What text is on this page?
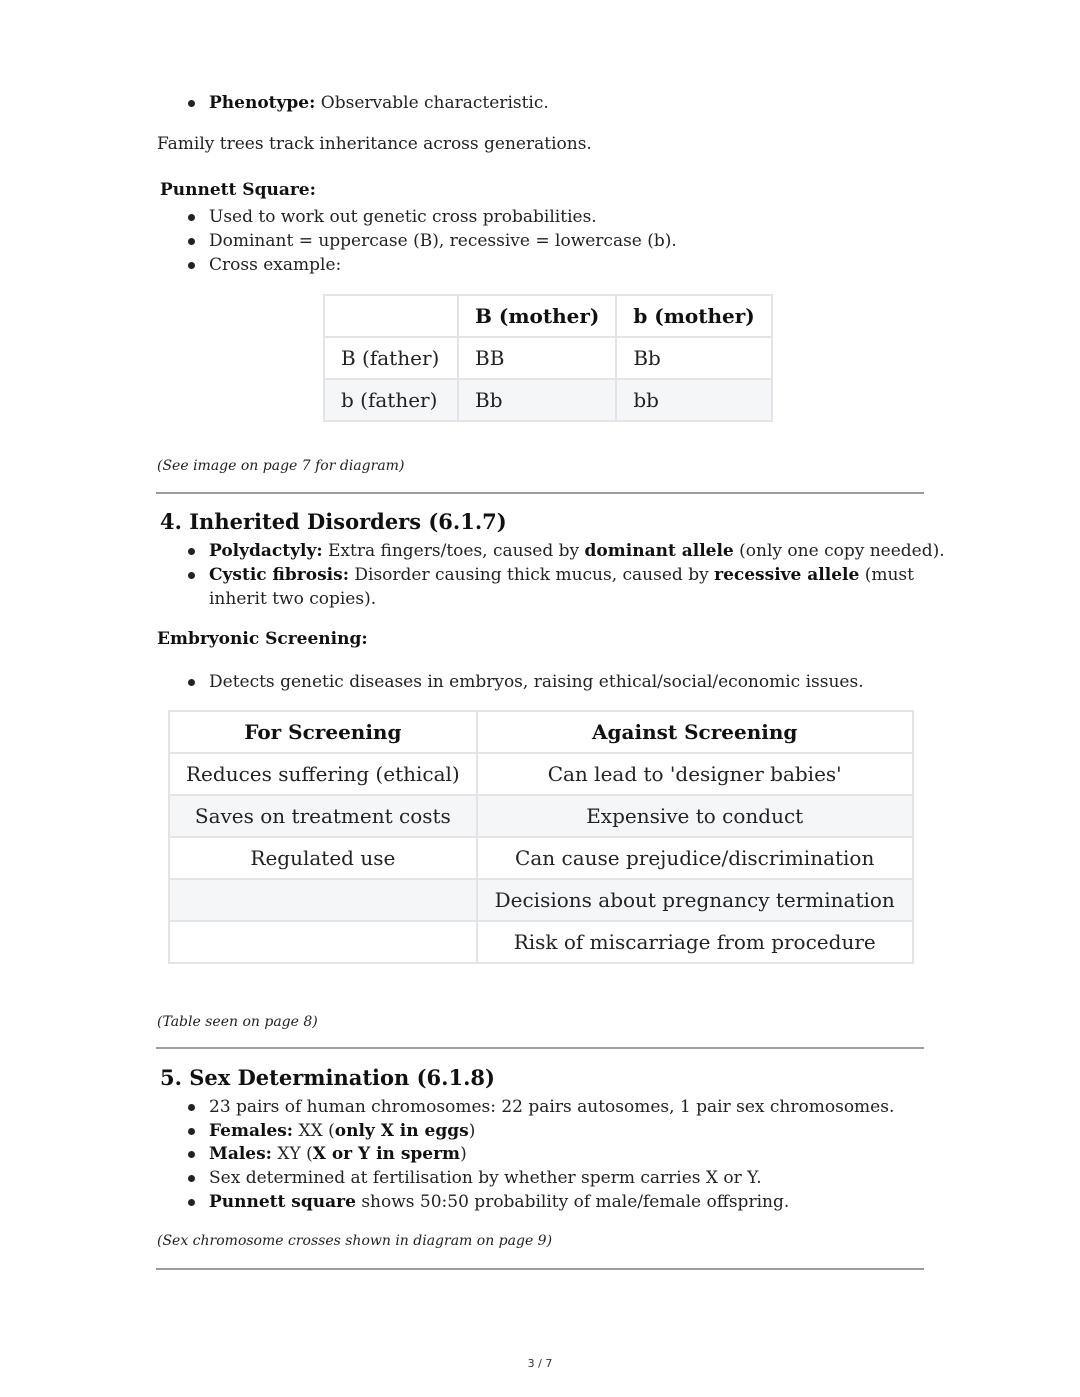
Phenotype: Observable characteristic.
Family trees track inheritance across generations.
Punnett Square:
Used to work out genetic cross probabilities.
Dominant = uppercase (B), recessive = lowercase (b).
Cross example:
	B (mother)	b (mother)
B (father)	BB	Bb
b (father)	Bb	bb
(See image on page 7 for diagram)
4. Inherited Disorders (6.1.7)
Polydactyly: Extra fingers/toes, caused by dominant allele (only one copy needed).
Cystic fibrosis: Disorder causing thick mucus, caused by recessive allele (must
inherit two copies).
Embryonic Screening:
Detects genetic diseases in embryos, raising ethical/social/economic issues.
For Screening	Against Screening
Reduces suffering (ethical)	Can lead to 'designer babies'
Saves on treatment costs	Expensive to conduct
Regulated use	Can cause prejudice/discrimination
	Decisions about pregnancy termination
	Risk of miscarriage from procedure
(Table seen on page 8)
5. Sex Determination (6.1.8)
23 pairs of human chromosomes: 22 pairs autosomes, 1 pair sex chromosomes.
Females: XX (only X in eggs)
Males: XY (X or Y in sperm)
Sex determined at fertilisation by whether sperm carries X or Y.
Punnett square shows 50:50 probability of male/female offspring.
(Sex chromosome crosses shown in diagram on page 9)
3 / 7
